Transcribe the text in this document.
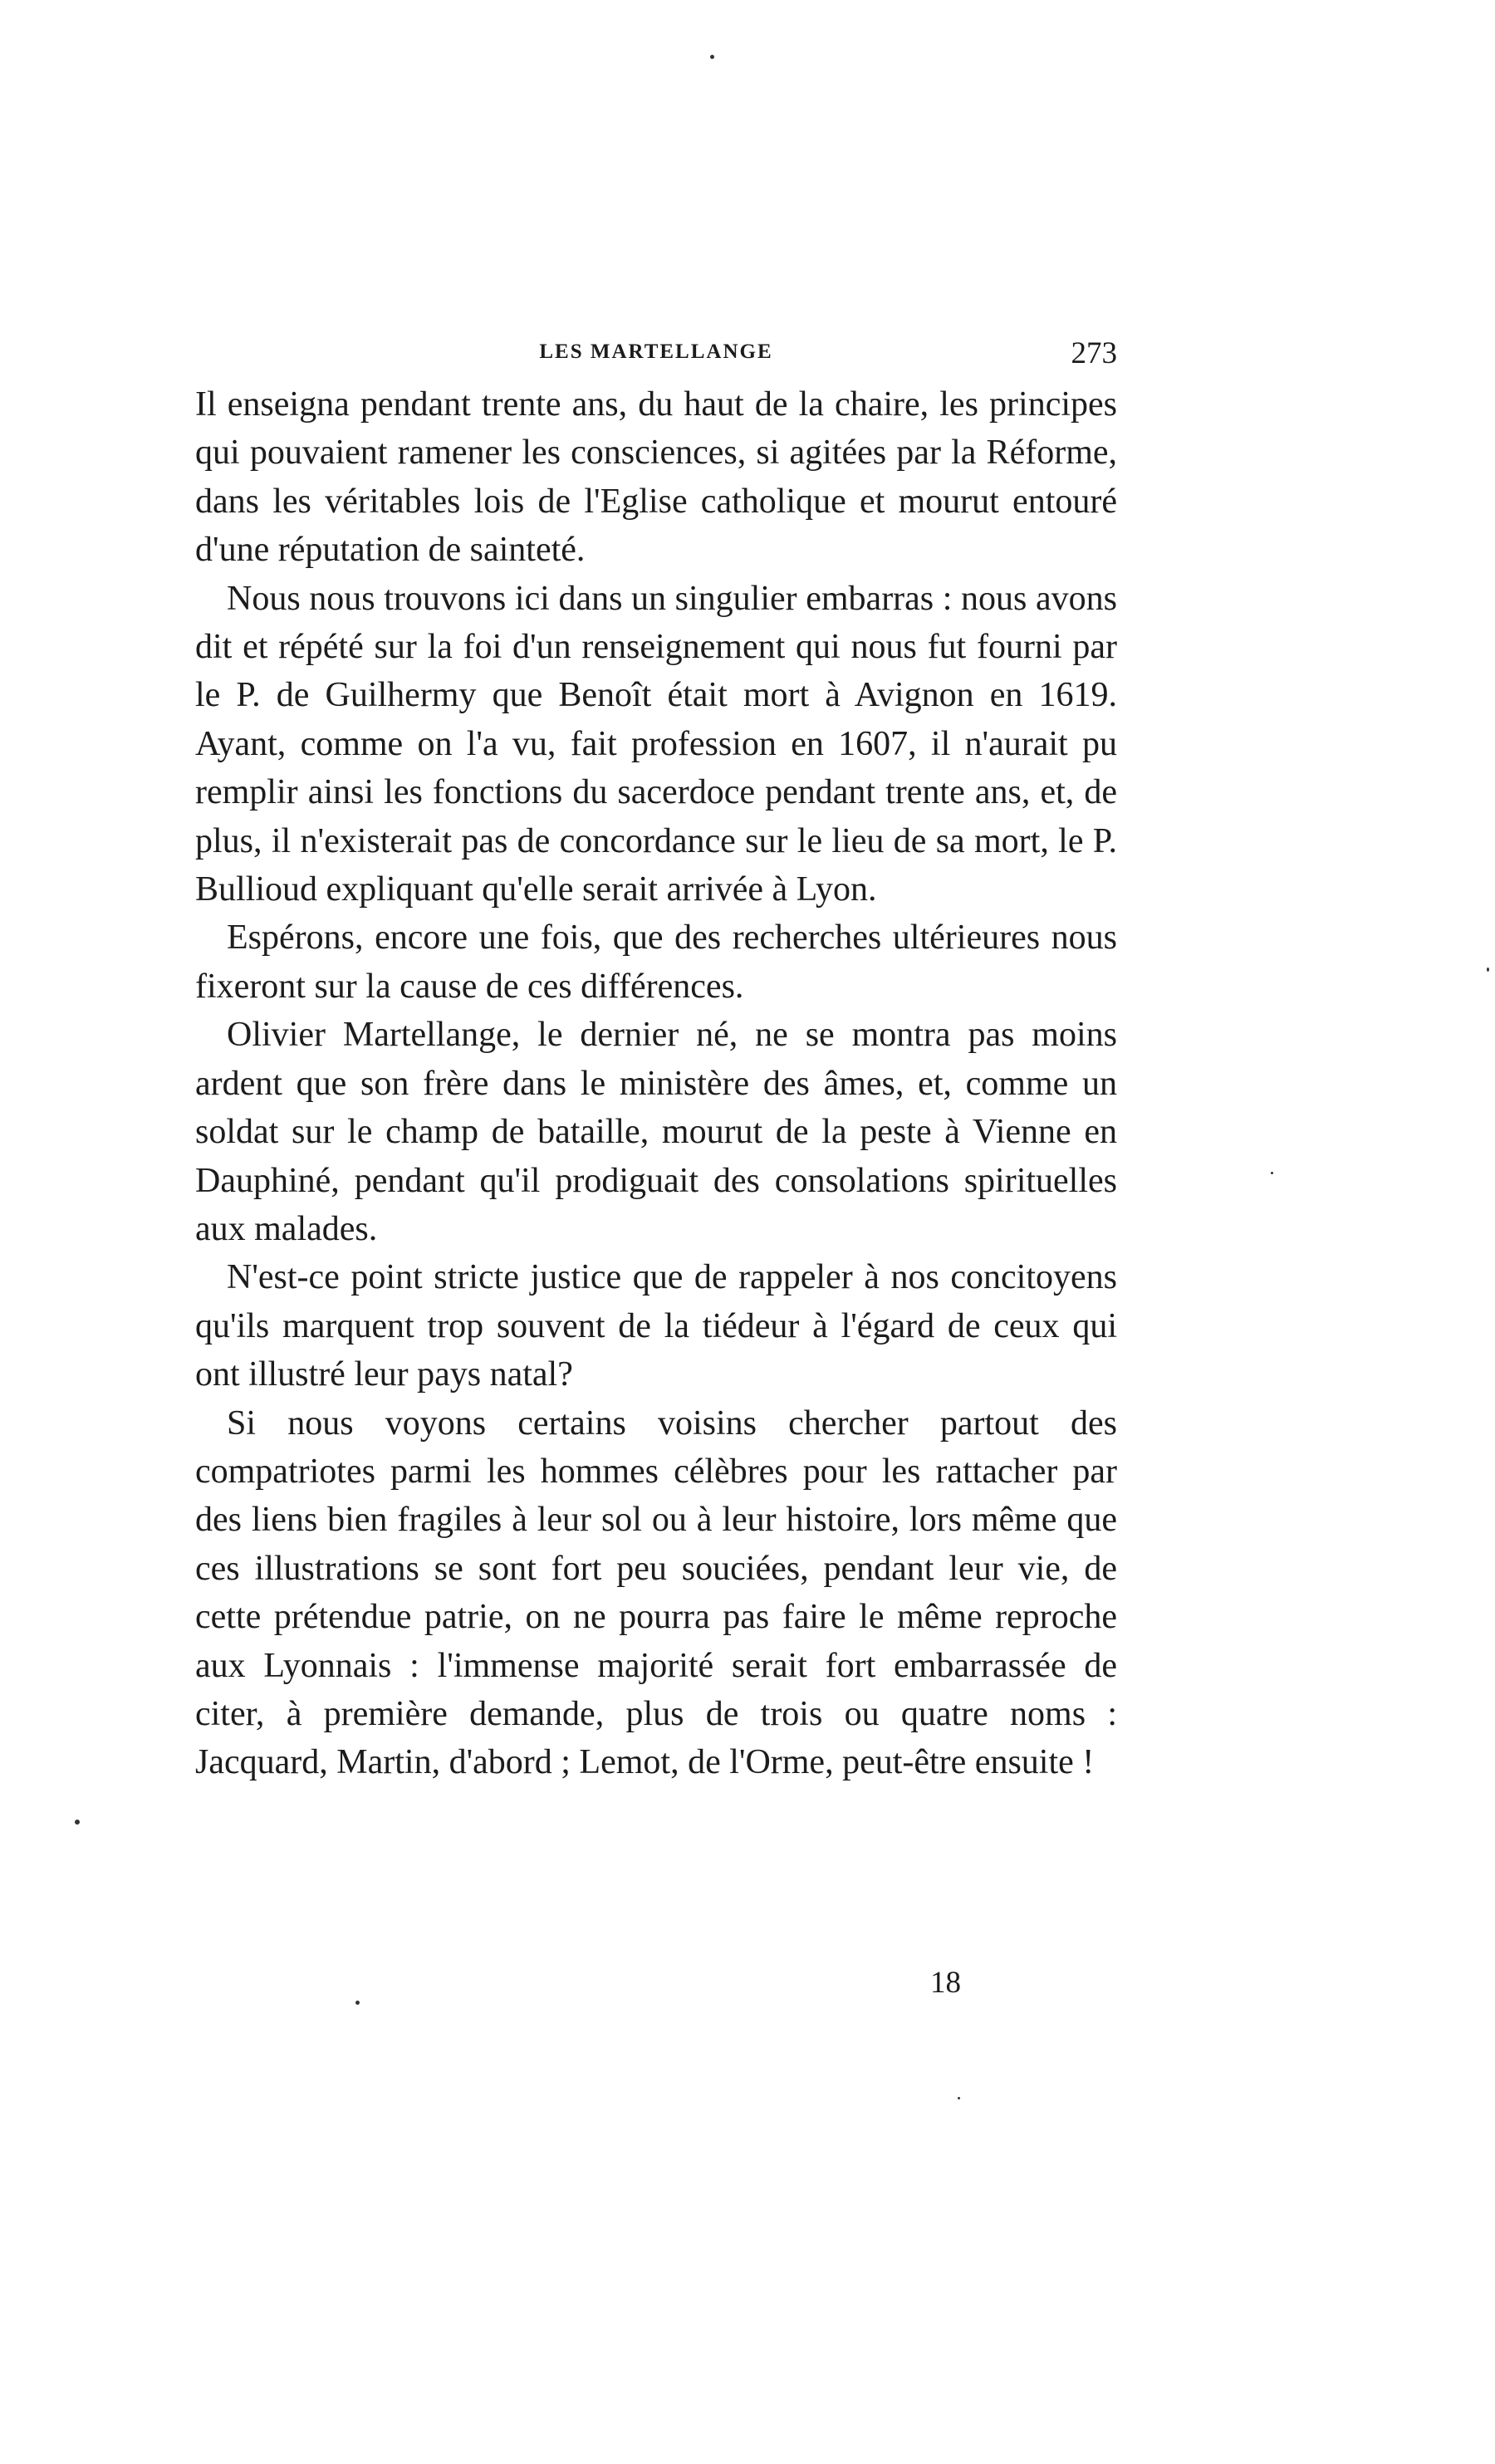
LES MARTELLANGE	273

Il enseigna pendant trente ans, du haut de la chaire, les principes qui pouvaient ramener les consciences, si agitées par la Réforme, dans les véritables lois de l'Eglise catholique et mourut entouré d'une réputation de sainteté.

Nous nous trouvons ici dans un singulier embarras : nous avons dit et répété sur la foi d'un renseignement qui nous fut fourni par le P. de Guilhermy que Benoît était mort à Avignon en 1619. Ayant, comme on l'a vu, fait profession en 1607, il n'aurait pu remplir ainsi les fonctions du sacerdoce pendant trente ans, et, de plus, il n'existerait pas de concordance sur le lieu de sa mort, le P. Bullioud expliquant qu'elle serait arrivée à Lyon.

Espérons, encore une fois, que des recherches ultérieures nous fixeront sur la cause de ces différences.

Olivier Martellange, le dernier né, ne se montra pas moins ardent que son frère dans le ministère des âmes, et, comme un soldat sur le champ de bataille, mourut de la peste à Vienne en Dauphiné, pendant qu'il prodiguait des consolations spirituelles aux malades.

N'est-ce point stricte justice que de rappeler à nos concitoyens qu'ils marquent trop souvent de la tiédeur à l'égard de ceux qui ont illustré leur pays natal?

Si nous voyons certains voisins chercher partout des compatriotes parmi les hommes célèbres pour les rattacher par des liens bien fragiles à leur sol ou à leur histoire, lors même que ces illustrations se sont fort peu souciées, pendant leur vie, de cette prétendue patrie, on ne pourra pas faire le même reproche aux Lyonnais : l'immense majorité serait fort embarrassée de citer, à première demande, plus de trois ou quatre noms : Jacquard, Martin, d'abord ; Lemot, de l'Orme, peut-être ensuite !

18
